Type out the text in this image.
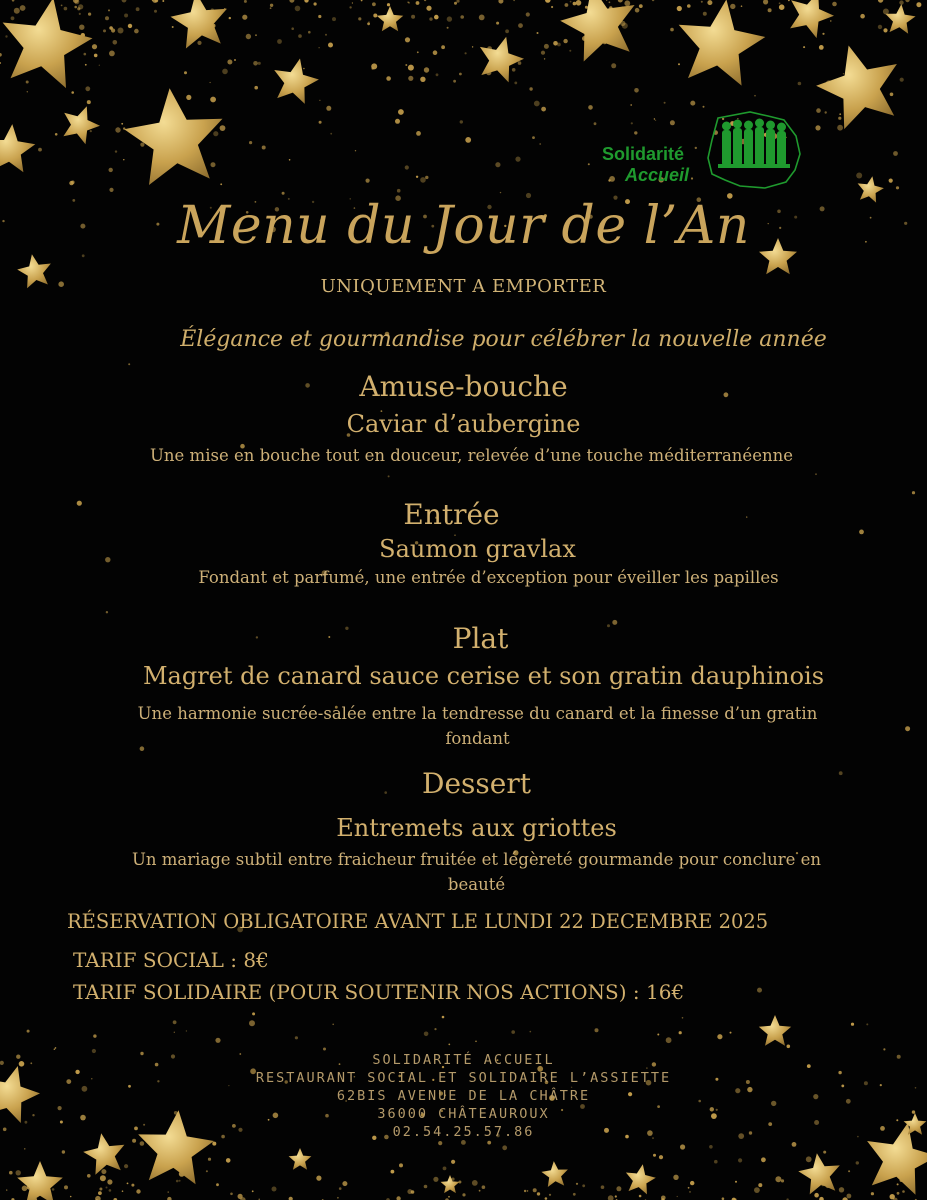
Solidarité
Accueil
Menu du Jour de l’An
UNIQUEMENT A EMPORTER
Élégance et gourmandise pour célébrer la nouvelle année
Amuse-bouche
Caviar d’aubergine
Une mise en bouche tout en douceur, relevée d’une touche méditerranéenne
Entrée
Saumon gravlax
Fondant et parfumé, une entrée d’exception pour éveiller les papilles
Plat
Magret de canard sauce cerise et son gratin dauphinois
Une harmonie sucrée-salée entre la tendresse du canard et la finesse d’un gratin
fondant
Dessert
Entremets aux griottes
Un mariage subtil entre fraicheur fruitée et légèreté gourmande pour conclure en
beauté
RÉSERVATION OBLIGATOIRE AVANT LE LUNDI 22 DECEMBRE 2025
TARIF SOCIAL : 8€
TARIF SOLIDAIRE (POUR SOUTENIR NOS ACTIONS) : 16€
SOLIDARITÉ ACCUEIL
RESTAURANT SOCIAL ET SOLIDAIRE L’ASSIETTE
62BIS AVENUE DE LA CHÂTRE
36000 CHÂTEAUROUX
02.54.25.57.86
